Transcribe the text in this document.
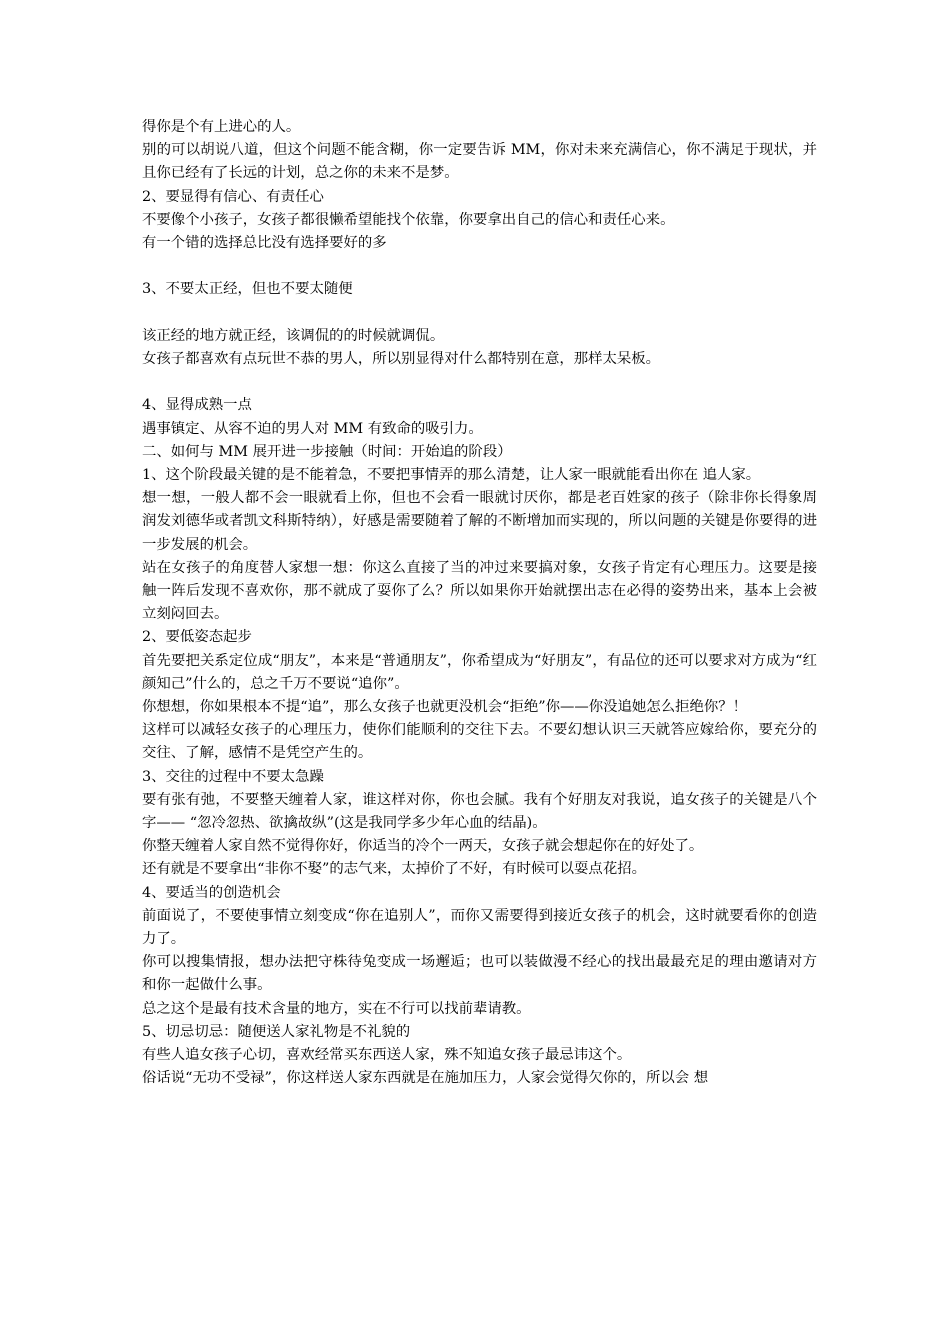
得你是个有上进心的人。

别的可以胡说八道，但这个问题不能含糊，你一定要告诉 MM，你对未来充满信心，你不满足于现状，并且你已经有了长远的计划，总之你的未来不是梦。

2、要显得有信心、有责任心

不要像个小孩子，女孩子都很懒希望能找个依靠，你要拿出自己的信心和责任心来。

有一个错的选择总比没有选择要好的多

3、不要太正经，但也不要太随便

该正经的地方就正经，该调侃的的时候就调侃。

女孩子都喜欢有点玩世不恭的男人，所以别显得对什么都特别在意，那样太呆板。

4、显得成熟一点

遇事镇定、从容不迫的男人对 MM 有致命的吸引力。

二、如何与 MM 展开进一步接触（时间：开始追的阶段）

1、这个阶段最关键的是不能着急，不要把事情弄的那么清楚，让人家一眼就能看出你在 追人家。

想一想，一般人都不会一眼就看上你，但也不会看一眼就讨厌你，都是老百姓家的孩子（除非你长得象周润发刘德华或者凯文科斯特纳），好感是需要随着了解的不断增加而实现的，所以问题的关键是你要得的进一步发展的机会。

站在女孩子的角度替人家想一想：你这么直接了当的冲过来要搞对象，女孩子肯定有心理压力。这要是接触一阵后发现不喜欢你，那不就成了耍你了么？所以如果你开始就摆出志在必得的姿势出来，基本上会被立刻闷回去。

2、要低姿态起步

首先要把关系定位成“朋友”，本来是“普通朋友”，你希望成为“好朋友”，有品位的还可以要求对方成为“红颜知己”什么的，总之千万不要说“追你”。

你想想，你如果根本不提“追”，那么女孩子也就更没机会“拒绝”你——你没追她怎么拒绝你？！

这样可以减轻女孩子的心理压力，使你们能顺利的交往下去。不要幻想认识三天就答应嫁给你，要充分的交往、了解，感情不是凭空产生的。

3、交往的过程中不要太急躁

要有张有弛，不要整天缠着人家，谁这样对你，你也会腻。我有个好朋友对我说，追女孩子的关键是八个字—— “忽冷忽热、欲擒故纵”(这是我同学多少年心血的结晶)。

你整天缠着人家自然不觉得你好，你适当的冷个一两天，女孩子就会想起你在的好处了。

还有就是不要拿出“非你不娶”的志气来，太掉价了不好，有时候可以耍点花招。

4、要适当的创造机会

前面说了，不要使事情立刻变成“你在追别人”，而你又需要得到接近女孩子的机会，这时就要看你的创造力了。

你可以搜集情报，想办法把守株待兔变成一场邂逅；也可以装做漫不经心的找出最最充足的理由邀请对方和你一起做什么事。

总之这个是最有技术含量的地方，实在不行可以找前辈请教。

5、切忌切忌：随便送人家礼物是不礼貌的

有些人追女孩子心切，喜欢经常买东西送人家，殊不知追女孩子最忌讳这个。

俗话说“无功不受禄”，你这样送人家东西就是在施加压力，人家会觉得欠你的，所以会 想
